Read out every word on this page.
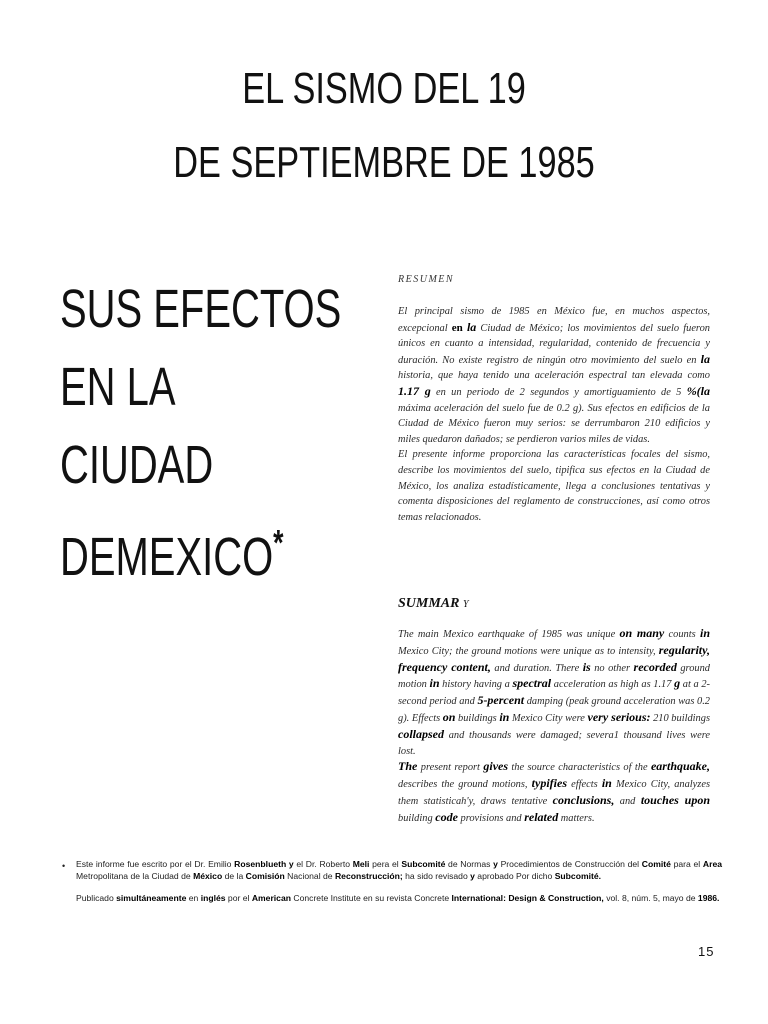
EL SISMO DEL 19
DE SEPTIEMBRE DE 1985
SUS EFECTOS
EN LA
CIUDAD
DEMEXICO*
RESUMEN

El principal sismo de 1985 en México fue, en muchos aspectos, excepcional en la Ciudad de México; los movimientos del suelo fueron únicos en cuanto a intensidad, regularidad, contenido de frecuencia y duración. No existe registro de ningún otro movimiento del suelo en la historia, que haya tenido una aceleración espectral tan elevada como 1.17 g en un periodo de 2 segundos y amortiguamiento de 5 %(la máxima aceleración del suelo fue de 0.2 g). Sus efectos en edificios de la Ciudad de México fueron muy serios: se derrumbaron 210 edificios y miles quedaron dañados; se perdieron varios miles de vidas.

El presente informe proporciona las características focales del sismo, describe los movimientos del suelo, tipifica sus efectos en la Ciudad de México, los analiza estadísticamente, llega a conclusiones tentativas y comenta disposiciones del reglamento de construcciones, así como otros temas relacionados.

SUMMAR Y

The main Mexico earthquake of 1985 was unique on many counts in Mexico City; the ground motions were unique as to intensity, regularity, frequency content, and duration. There is no other recorded ground motion in history having a spectral acceleration as high as 1.17 g at a 2-second period and 5-percent damping (peak ground acceleration was 0.2 g). Effects on buildings in Mexico City were very serious: 210 buildings collapsed and thousands were damaged; severa1 thousand lives were lost.

The present report gives the source characteristics of the earthquake, describes the ground motions, typifies effects in Mexico City, analyzes them statisticah'y, draws tentative conclusions, and touches upon building code provisions and related matters.

• Este informe fue escrito por el Dr. Emilio Rosenblueth y el Dr. Roberto Meli pera el Subcomité de Normas y Procedimientos de Construcción del Comité para el Area Metropolitana de la Ciudad de México de la Comisión Nacional de Reconstrucción; ha sido revisado y aprobado Por dicho Subcomité.

Publicado simultáneamente en inglés por el American Concrete Institute en su revista Concrete International: Design & Construction, vol. 8, núm. 5, mayo de 1986.

15
